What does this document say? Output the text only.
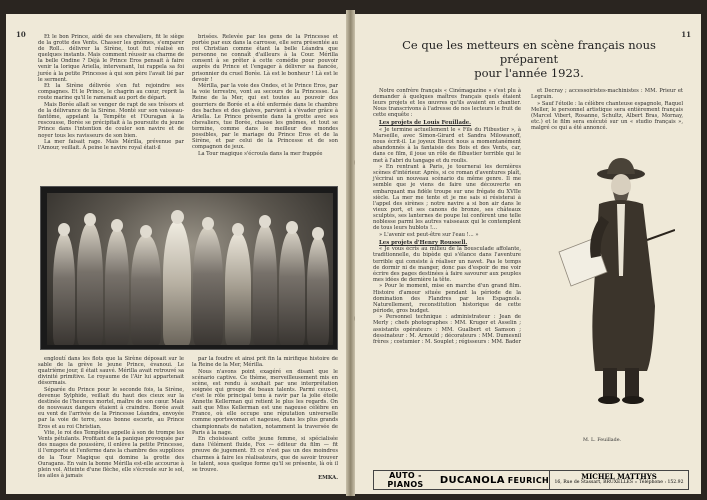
10	Et le bon Prince, aidé de ses chevaliers, fit le siège de la grotte des Vents. Chasser les gnômes, s'emparer de Roll... délivrer la Sirène, tout fut réalisé en quelques instants. Mais comment réussir sa charme de la belle Ondine ? Déjà le Prince Eros pensait à faire venir la lorique Ariella, intervenant, lui rappela sa foi jurée à la petite Princesse à qui son père l'avait lié par le serment.

Et la Sirène délivrée s'en fut rejoindre ses compagnes. Et le Prince, le chagrin au cœur, reprit la route marine qu'il le ramenait au port de départ.

Mais Borée allait se venger de rapt de ses trésors et de la délivrance de la Sirène. Monté sur son vaisseau-fantôme, appelant la Tempête et l'Ouragan à la rescousse, Borée se précipitait à la poursuite du jeune Prince dans l'intention de couler son navire et de noyer tous les ravisseurs de son bien.

La mer faisait rage. Mais Mérilla, prévenue par l'Amour, veillait. À peine le navire royal était-il

brisées. Relevée par les gens de la Princesse et portée par eux dans la carrosse, elle sera présentée au roi Christian comme étant la belle Léandra que personne ne connaît d'ailleurs à la Cour. Mérilla consent à se prêter à cette comédie pour pouvoir auprès du Prince et l'engager à délivrer sa fiancée, prisonnier du cruel Borée. Là est le bonheur ! Là est le devoir !

Mérilla, par la voie des Ondes, et le Prince Eros, par la voie terrestre, vont au secours de la Princesse. La Reine de la Mer, qui est toutes au pouvoir des gourriers de Borée et a été enfermée dans le chambre des baches et des glaives, parvient à s'évader grâce à Ariella. Le Prince présente dans la grotte avec ses chevaliers, tue Borée, chasse les gnômes, et tout se termine, comme dans le meilleur des mondes possibles, par le mariage du Prince Eros et de la Sirène, et par celui de la Princesse et de son compagnon de jeux.

La Tour magique s'écroula dans la mer frappée

engloutí dans les flots que la Sirène déposait sur le sable de la grève le jeune Prince, évanoui. Le quatrième jour, il était sauvé. Mérilla avait retrouvé sa divinité primitive. Le royaume de l'Air lui appartenait désormais.

Séparée du Prince pour le seconde fois, la Sirène, devenue Sylphide, veillait du haut des cieux sur la destinée de l'heureux mortel, maître de son cœur. Mais de nouveaux dangers étaient à craindre. Borée avait eu vent de l'arrivée de la Princesse Léandra, envoyée par la voie de terre, sous bonne escorte, au Prince Eros et au roi Christian.

Vite, le roi des Tempêtes appelle à son de trompe les Vents pétulants. Profitant de la panique provoquée par des nuages de poussière, il enlève la petite Princesse, il l'emporte et l'enferme dans la chambre des supplices de la Tour Magique qui domine la grotte des Ouragans. En vain la bonne Mérilla est-elle accourue à plein vol. Atteinte d'une flèche, elle s'écroule sur le sol, les ailes à jamais

par la foudre et ainsi prit fin la mirifique histoire de la Reine de la Mer, Mérilla.

Nous n'avons point exagéré en disant que le scénario captive. Ce thème, merveilleusement mis en scène, est rendu à souhait par une interprétation soignée qui groupe de beaux talents. Parmi ceux-ci, c'est le rôle principal tenu à ravir par la jolie étoile Annette Kellerman qui retient le plus les regards. On sait que Miss Kellerman est une nageuse célèbre en France, où elle occupe une réputation universelle comme sportswoman et nageuse, dans les plus grands championnats de natation, notamment la traversée de Paris à la nage.

En choisissant cette jeune femme, si spécialisée dans l'élément fluide, Fox — éditeur du film — fit preuve de jugement. Et ce n'est pas un des moindres charmes à faire les réalisateurs, que de savoir trouver le talent, sous quelque forme qu'il se présente, là où il se trouve.

EMKA.

11
Ce que les metteurs en scène français nous préparent
pour l'année 1923.

Notre confrère français « Cinémagazine » s'est plu à demander à quelques maîtres français quels étaient leurs projets et les œuvres qu'ils avaient en chantier. Nous transcrivons à l'adresse de nos lecteurs le fruit de cette enquête :

Les projets de Louis Feuillade.

« Je termine actuellement le « Fils du Flibustier », à Marseille, avec Simon-Girard et Sandra Milowanoff, nous écrit-il. Le joyeux Biscot nous a momentanément abandonnés à la fantaisie des Bois et des Vents, car, dans ce film, il joue un rôle de flibustier terrible qui le met à l'abri du tangage et du roulis.

» En rentrant à Paris, je tournerai les dernières scènes d'intérieur. Après, si ce roman d'aventures plaît, j'écrirai un nouveau scénario du même genre. Il me semble que je viens de faire une découverte en embarquant ma fidèle troupe sur une frégate du XVIIe siècle. La mer me tente et je me sais si résisterai à l'appel des sirènes ; notre navire a si bon air dans le vieux port, et ses canons de bronze, ses châteaux sculptés, ses lanternes de poupe lui confèrent une telle noblesse parmi les autres vaisseaux qui le contemplent de tous leurs hublots !...

» L'avenir est peut-être sur l'eau !... »

Les projets d'Henry Roussell.

« Je vous écris au milieu de la bousculade affolante, traditionnelle, du bipède qui s'élance dans l'aventure terrible qui consiste à réaliser un navet. Pas le temps de dormir ni de manger, donc pas d'espoir de me voir écrire des pages destinées à faire savourer aux peuples mes idées de dernière la tête.

» Pour le moment, mise en marche d'un grand film. Histoire d'amour située pendant la période de la domination des Flandres par les Espagnols. Naturellement, reconstitution historique de cette période, gros budget.

» Personnel technique : administrateur : Jean de Merly ; chefs photographes : MM. Kruger et Asselin ; assistants opérateurs : MM. Gualbert et Samson ; dessinateur : M. Arnould ; décorateurs : MM. Dumesnil frères ; costumier : M. Souplet ; régisseurs : MM. Bader

et Decray ; accessoiristes-machinistes : MM. Prieur et Legrain.

» Sauf l'étoile : la célèbre chanteuse espagnole, Raquel Meller, le personnel artistique sera entièrement français (Marcel Vibert, Rosanne, Schultz, Albert Bras, Mornay, etc.) et le film sera exécuté sur un « studio français », malgré ce qui a été annoncé.

M. L. Feuillade.
AUTO - PIANOS	DUCANOLA FEURICH	MICHEL MATTHYS
16, Rue de Stassart, BRUXELLES :: Téléphone : 152.92
